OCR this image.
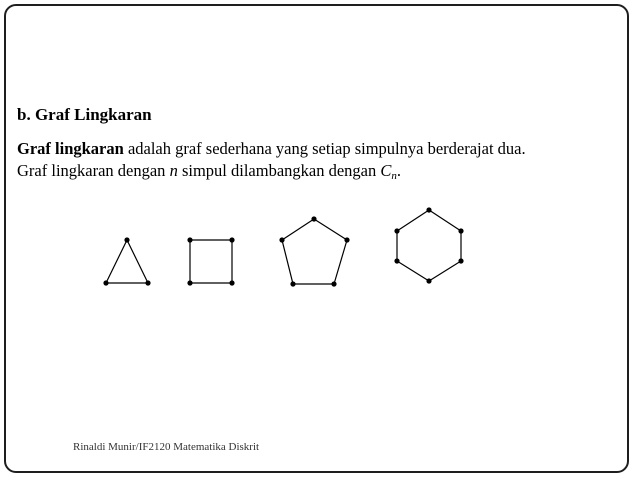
b. Graf Lingkaran
Graf lingkaran adalah graf sederhana yang setiap simpulnya berderajat dua.
Graf lingkaran dengan n simpul dilambangkan dengan $C_n$.
Rinaldi Munir/IF2120 Matematika Diskrit
